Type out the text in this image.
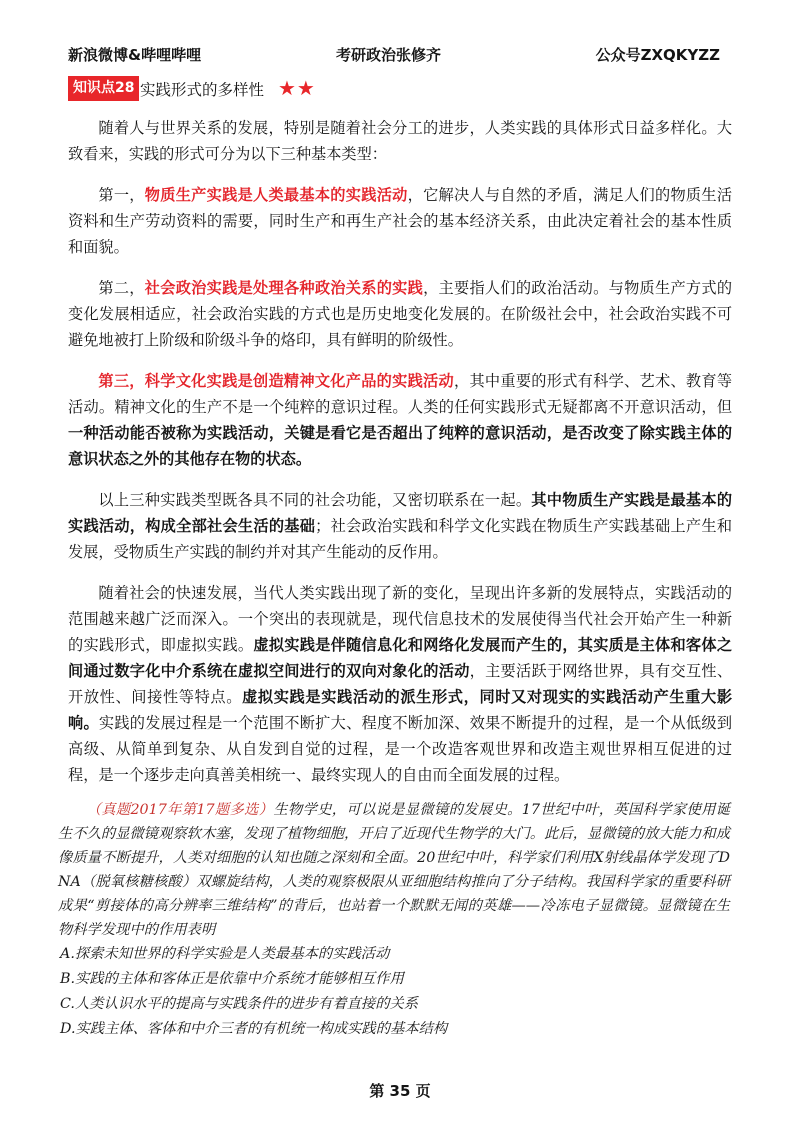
新浪微博&哔哩哔哩	考研政治张修齐	公众号ZXQKYZZ
知识点28 实践形式的多样性 ★★

随着人与世界关系的发展，特别是随着社会分工的进步，人类实践的具体形式日益多样化。大致看来，实践的形式可分为以下三种基本类型：

第一，物质生产实践是人类最基本的实践活动，它解决人与自然的矛盾，满足人们的物质生活资料和生产劳动资料的需要，同时生产和再生产社会的基本经济关系，由此决定着社会的基本性质和面貌。

第二，社会政治实践是处理各种政治关系的实践，主要指人们的政治活动。与物质生产方式的变化发展相适应，社会政治实践的方式也是历史地变化发展的。在阶级社会中，社会政治实践不可避免地被打上阶级和阶级斗争的烙印，具有鲜明的阶级性。

第三，科学文化实践是创造精神文化产品的实践活动，其中重要的形式有科学、艺术、教育等活动。精神文化的生产不是一个纯粹的意识过程。人类的任何实践形式无疑都离不开意识活动，但一种活动能否被称为实践活动，关键是看它是否超出了纯粹的意识活动，是否改变了除实践主体的意识状态之外的其他存在物的状态。

以上三种实践类型既各具不同的社会功能，又密切联系在一起。其中物质生产实践是最基本的实践活动，构成全部社会生活的基础；社会政治实践和科学文化实践在物质生产实践基础上产生和发展，受物质生产实践的制约并对其产生能动的反作用。

随着社会的快速发展，当代人类实践出现了新的变化，呈现出许多新的发展特点，实践活动的范围越来越广泛而深入。一个突出的表现就是，现代信息技术的发展使得当代社会开始产生一种新的实践形式，即虚拟实践。虚拟实践是伴随信息化和网络化发展而产生的，其实质是主体和客体之间通过数字化中介系统在虚拟空间进行的双向对象化的活动，主要活跃于网络世界，具有交互性、开放性、间接性等特点。虚拟实践是实践活动的派生形式，同时又对现实的实践活动产生重大影响。实践的发展过程是一个范围不断扩大、程度不断加深、效果不断提升的过程，是一个从低级到高级、从简单到复杂、从自发到自觉的过程，是一个改造客观世界和改造主观世界相互促进的过程，是一个逐步走向真善美相统一、最终实现人的自由而全面发展的过程。

（真题2017年第17题多选）生物学史，可以说是显微镜的发展史。17世纪中叶，英国科学家使用诞生不久的显微镜观察软木塞，发现了植物细胞，开启了近现代生物学的大门。此后，显微镜的放大能力和成像质量不断提升，人类对细胞的认知也随之深刻和全面。20世纪中叶，科学家们利用X射线晶体学发现了DNA（脱氧核糖核酸）双螺旋结构，人类的观察极限从亚细胞结构推向了分子结构。我国科学家的重要科研成果“剪接体的高分辨率三维结构”的背后，也站着一个默默无闻的英雄——冷冻电子显微镜。显微镜在生物科学发现中的作用表明

A.探索未知世界的科学实验是人类最基本的实践活动
B.实践的主体和客体正是依靠中介系统才能够相互作用
C.人类认识水平的提高与实践条件的进步有着直接的关系
D.实践主体、客体和中介三者的有机统一构成实践的基本结构
第 35 页
